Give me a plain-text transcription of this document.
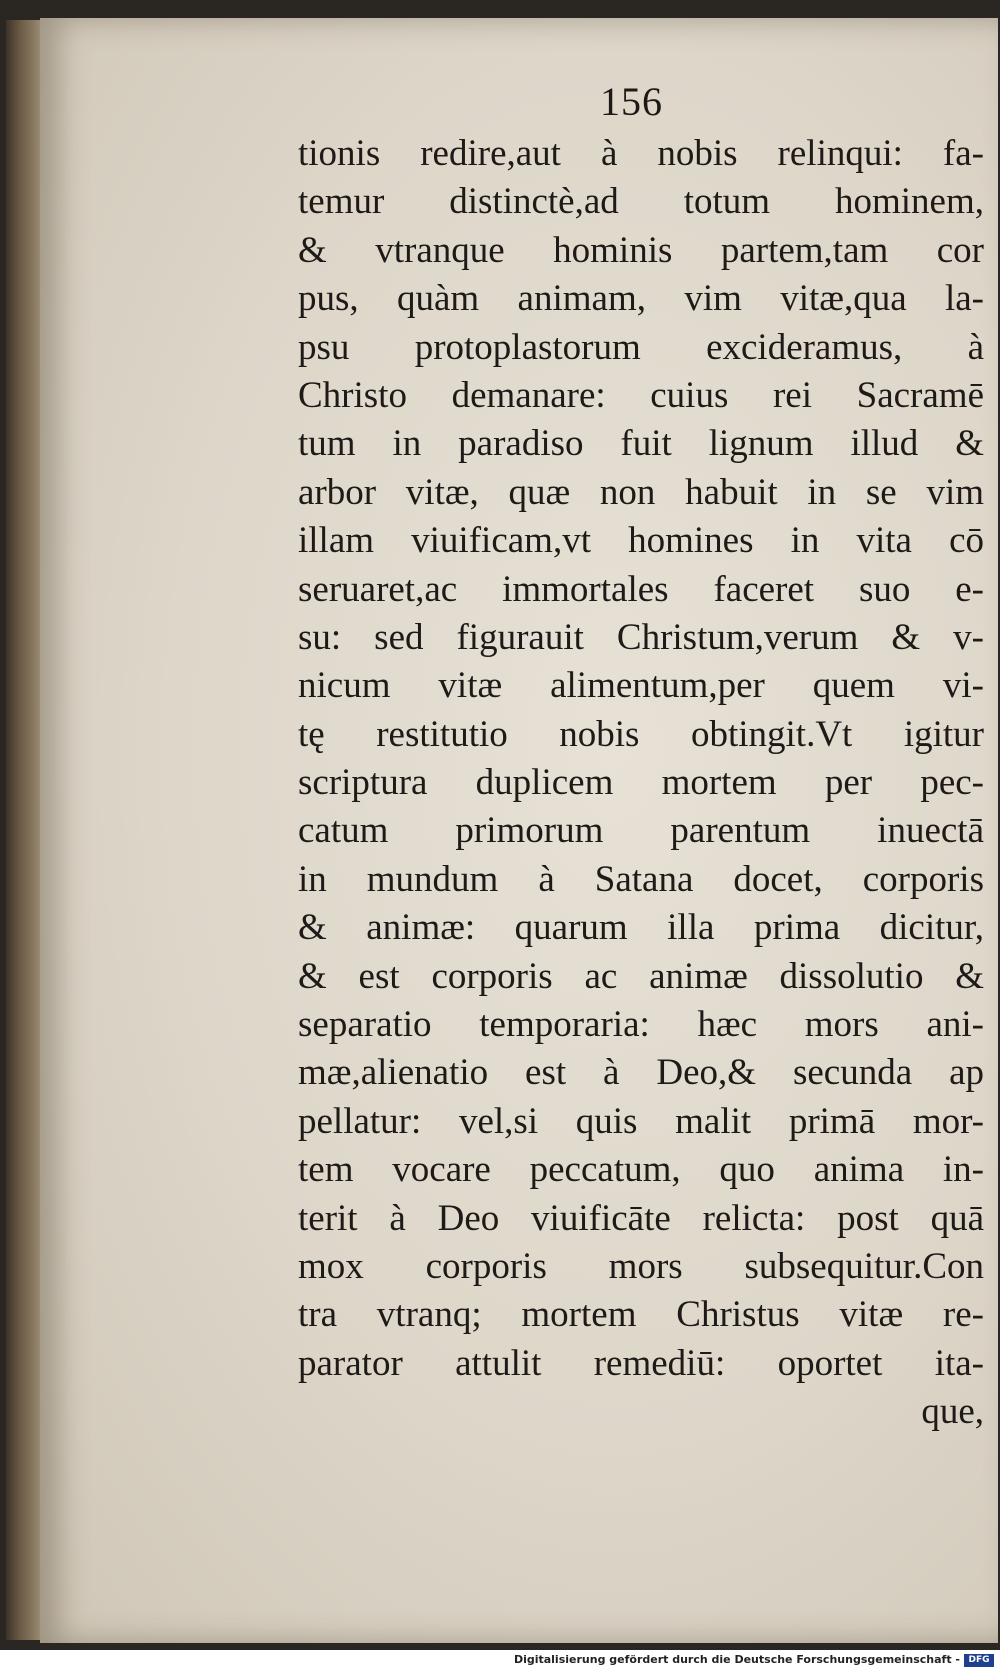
156
tionis redire,aut à nobis relinqui: fa-
temur distinctè,ad totum hominem,
& vtranque hominis partem,tam cor
pus, quàm animam, vim vitæ,qua la-
psu protoplastorum excideramus, à
Christo demanare: cuius rei Sacramē
tum in paradiso fuit lignum illud &
arbor vitæ, quæ non habuit in se vim
illam viuificam,vt homines in vita cō
seruaret,ac immortales faceret suo e-
su: sed figurauit Christum,verum & v-
nicum vitæ alimentum,per quem vi-
tę restitutio nobis obtingit.Vt igitur
scriptura duplicem mortem per pec-
catum primorum parentum inuectā
in mundum à Satana docet, corporis
& animæ: quarum illa prima dicitur,
& est corporis ac animæ dissolutio &
separatio temporaria: hæc mors ani-
mæ,alienatio est à Deo,& secunda ap
pellatur: vel,si quis malit primā mor-
tem vocare peccatum, quo anima in-
terit à Deo viuificāte relicta: post quā
mox corporis mors subsequitur.Con
tra vtranq; mortem Christus vitæ re-
parator attulit remediū: oportet ita-
que,
Digitalisierung gefördert durch die Deutsche Forschungsgemeinschaft - DFG
